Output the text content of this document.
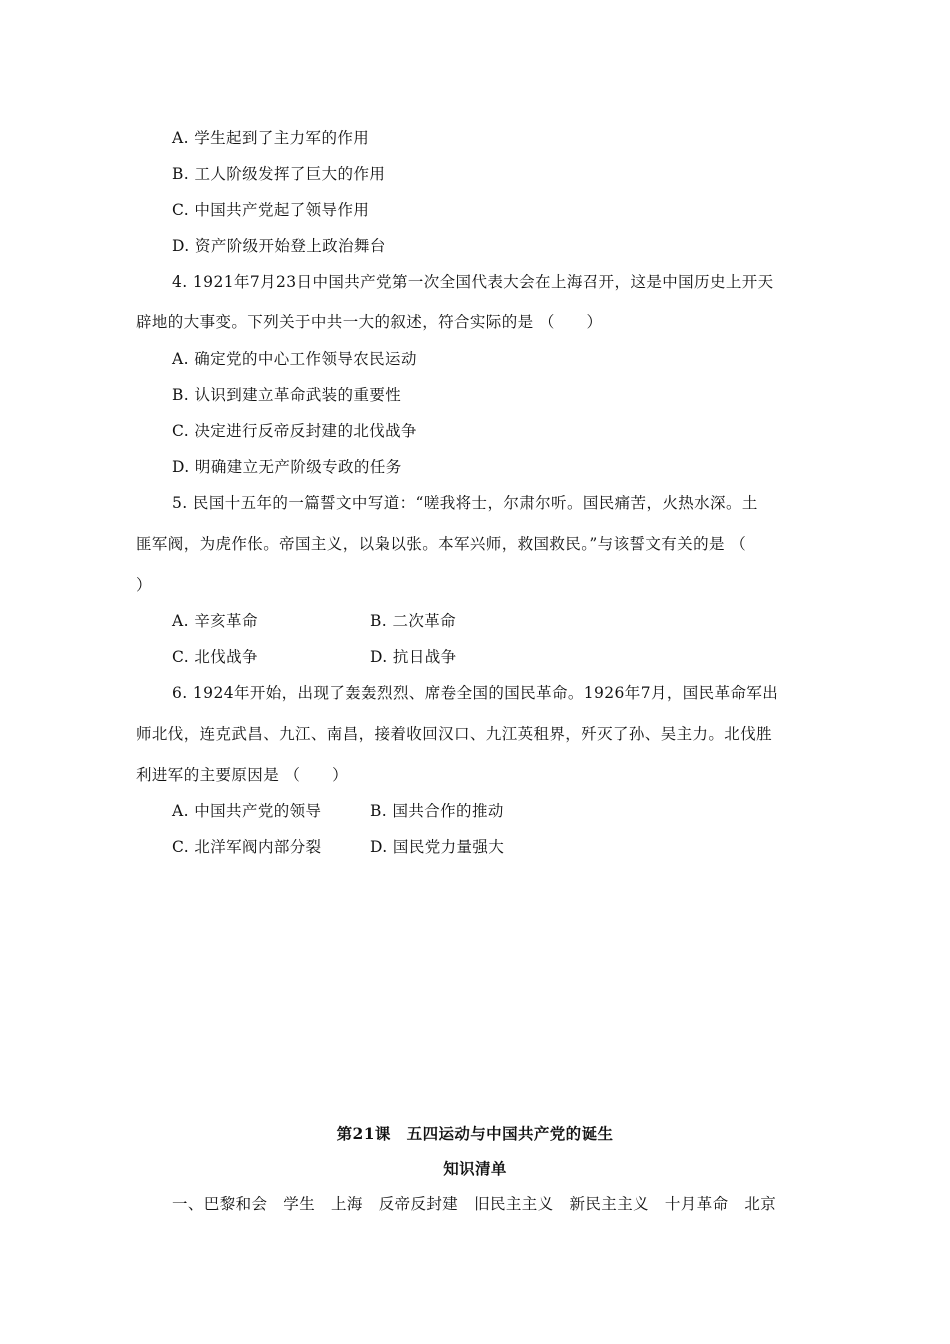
A. 学生起到了主力军的作用
B. 工人阶级发挥了巨大的作用
C. 中国共产党起了领导作用
D. 资产阶级开始登上政治舞台
4. 1921年7月23日中国共产党第一次全国代表大会在上海召开，这是中国历史上开天
辟地的大事变。下列关于中共一大的叙述，符合实际的是 （　　）
A. 确定党的中心工作领导农民运动
B. 认识到建立革命武装的重要性
C. 决定进行反帝反封建的北伐战争
D. 明确建立无产阶级专政的任务
5. 民国十五年的一篇誓文中写道：“嗟我将士，尔肃尔听。国民痛苦，火热水深。土
匪军阀，为虎作伥。帝国主义，以枭以张。本军兴师，救国救民。”与该誓文有关的是 （
）
A. 辛亥革命	B. 二次革命
C. 北伐战争	D. 抗日战争
6. 1924年开始，出现了轰轰烈烈、席卷全国的国民革命。1926年7月，国民革命军出
师北伐，连克武昌、九江、南昌，接着收回汉口、九江英租界，歼灭了孙、吴主力。北伐胜
利进军的主要原因是 （　　）
A. 中国共产党的领导	B. 国共合作的推动
C. 北洋军阀内部分裂	D. 国民党力量强大
第21课　五四运动与中国共产党的诞生
知识清单
一、巴黎和会　学生　上海　反帝反封建　旧民主主义　新民主主义　十月革命　北京
